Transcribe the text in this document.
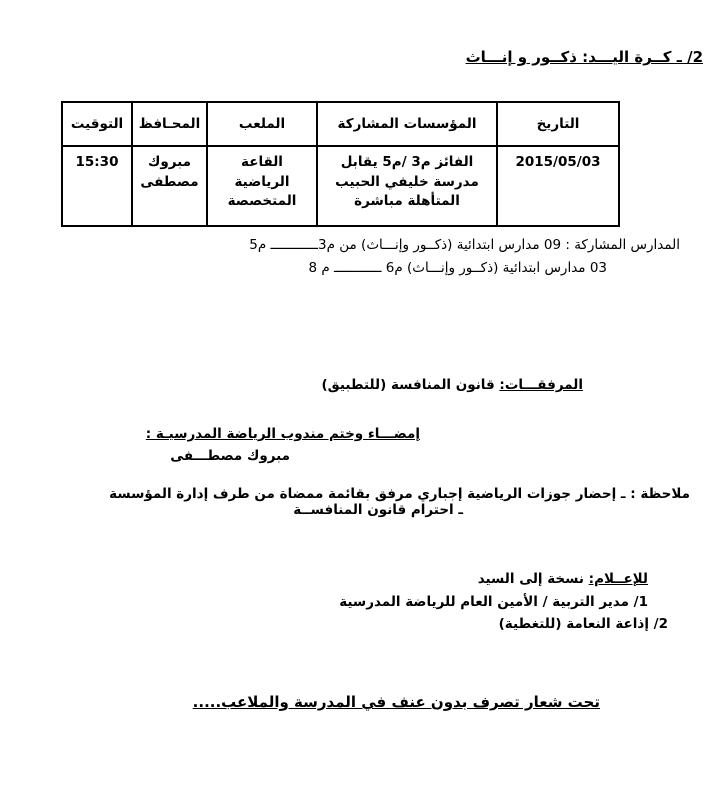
2/ ـ كــرة اليـــد: ذكــور و إنـــاث
التاريخ	المؤسسات المشاركة	الملعب	المحـافظ	التوقيت
2015/05/03	الفائز م3 /م5 يقابل مدرسة خليفي الحبيب المتأهلة مباشرة	القاعة الرياضية المتخصصة	مبروك مصطفى	15:30
المدارس المشاركة : 09 مدارس ابتدائية (ذكــور وإنـــاث) من م3ــــــــــــ م5
03 مدارس ابتدائية (ذكــور وإنـــاث) م6 ــــــــــــ م 8
المرفقـــات: قانون المنافسة (للتطبيق)
إمضـــاء وختم مندوب الرياضة المدرسيـة :
مبروك مصطـــفى
ملاحظة : ـ إحضار جوزات الرياضية إجباري مرفق بقائمة ممضاة من طرف إدارة المؤسسة
ـ احترام قانون المنافســة
للإعــلام: نسخة إلى السيد
1/ مدير التربية / الأمين العام للرياضة المدرسية
2/ إذاعة النعامة (للتغطية)
تحت شعار تصرف بدون عنف في المدرسة والملاعب.....
